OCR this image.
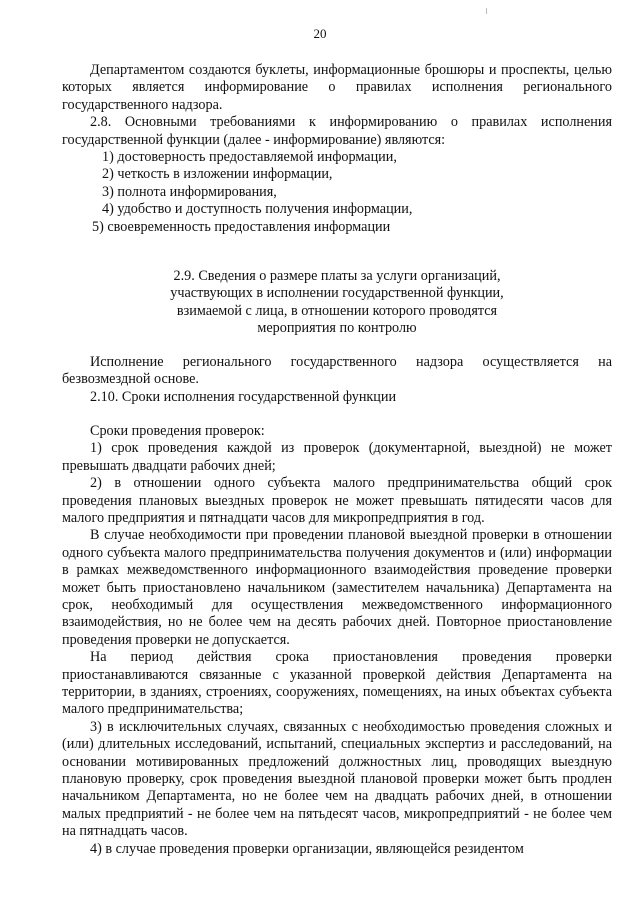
20

Департаментом создаются буклеты, информационные брошюры и проспекты, целью которых является информирование о правилах исполнения регионального государственного надзора.

2.8. Основными требованиями к информированию о правилах исполнения государственной функции (далее - информирование) являются:

1) достоверность предоставляемой информации,

2) четкость в изложении информации,

3) полнота информирования,

4) удобство и доступность получения информации,

5) своевременность предоставления информации

2.9. Сведения о размере платы за услуги организаций, участвующих в исполнении государственной функции, взимаемой с лица, в отношении которого проводятся мероприятия по контролю

Исполнение регионального государственного надзора осуществляется на безвозмездной основе.

2.10. Сроки исполнения государственной функции

Сроки проведения проверок:

1) срок проведения каждой из проверок (документарной, выездной) не может превышать двадцати рабочих дней;

2) в отношении одного субъекта малого предпринимательства общий срок проведения плановых выездных проверок не может превышать пятидесяти часов для малого предприятия и пятнадцати часов для микропредприятия в год.

В случае необходимости при проведении плановой выездной проверки в отношении одного субъекта малого предпринимательства получения документов и (или) информации в рамках межведомственного информационного взаимодействия проведение проверки может быть приостановлено начальником (заместителем начальника) Департамента на срок, необходимый для осуществления межведомственного информационного взаимодействия, но не более чем на десять рабочих дней. Повторное приостановление проведения проверки не допускается.

На период действия срока приостановления проведения проверки приостанавливаются связанные с указанной проверкой действия Департамента на территории, в зданиях, строениях, сооружениях, помещениях, на иных объектах субъекта малого предпринимательства;

3) в исключительных случаях, связанных с необходимостью проведения сложных и (или) длительных исследований, испытаний, специальных экспертиз и расследований, на основании мотивированных предложений должностных лиц, проводящих выездную плановую проверку, срок проведения выездной плановой проверки может быть продлен начальником Департамента, но не более чем на двадцать рабочих дней, в отношении малых предприятий - не более чем на пятьдесят часов, микропредприятий - не более чем на пятнадцать часов.

4) в случае проведения проверки организации, являющейся резидентом
